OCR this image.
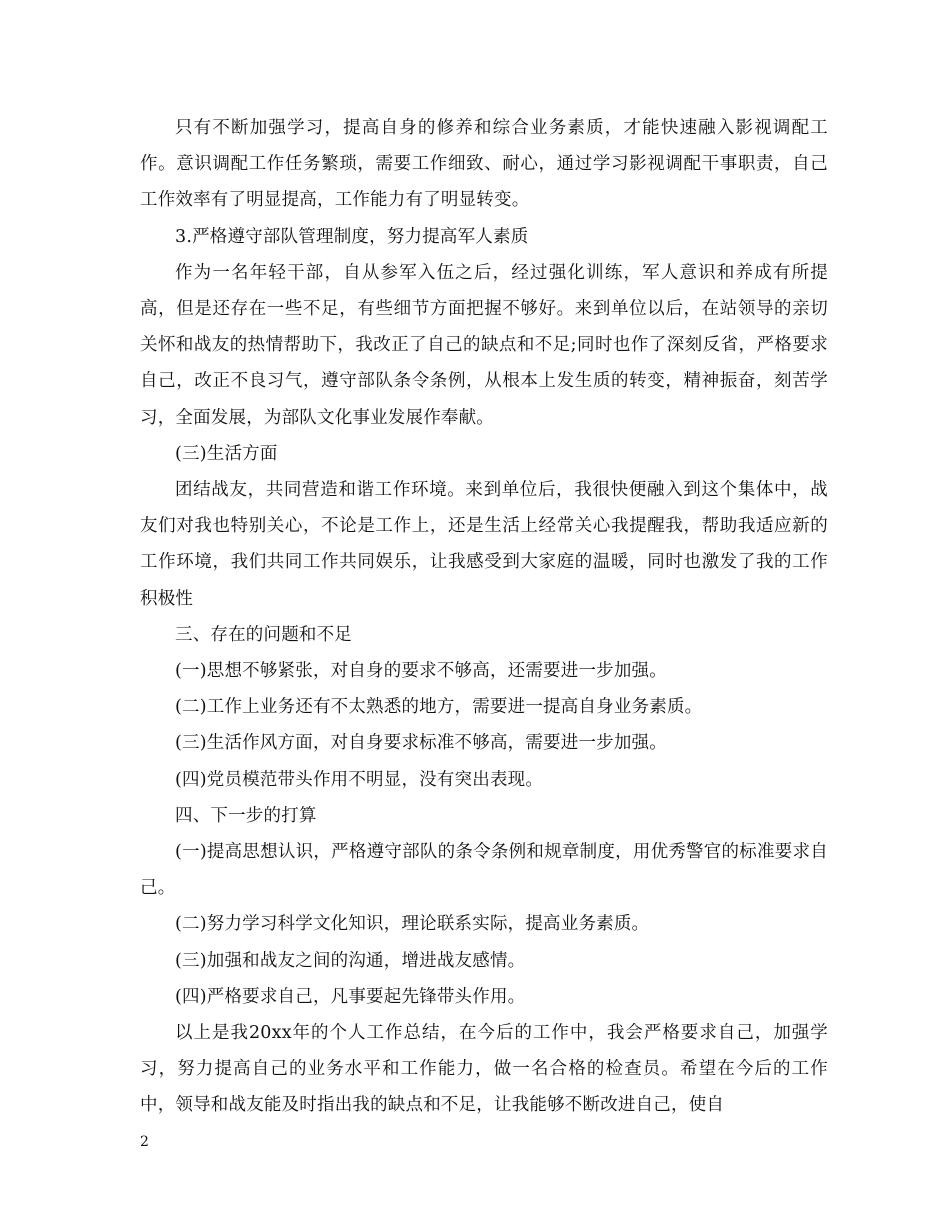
只有不断加强学习，提高自身的修养和综合业务素质，才能快速融入影视调配工作。意识调配工作任务繁琐，需要工作细致、耐心，通过学习影视调配干事职责，自己工作效率有了明显提高，工作能力有了明显转变。

3.严格遵守部队管理制度，努力提高军人素质

作为一名年轻干部，自从参军入伍之后，经过强化训练，军人意识和养成有所提高，但是还存在一些不足，有些细节方面把握不够好。来到单位以后，在站领导的亲切关怀和战友的热情帮助下，我改正了自己的缺点和不足;同时也作了深刻反省，严格要求自己，改正不良习气，遵守部队条令条例，从根本上发生质的转变，精神振奋，刻苦学习，全面发展，为部队文化事业发展作奉献。

(三)生活方面

团结战友，共同营造和谐工作环境。来到单位后，我很快便融入到这个集体中，战友们对我也特别关心，不论是工作上，还是生活上经常关心我提醒我，帮助我适应新的工作环境，我们共同工作共同娱乐，让我感受到大家庭的温暖，同时也激发了我的工作积极性

三、存在的问题和不足

(一)思想不够紧张，对自身的要求不够高，还需要进一步加强。

(二)工作上业务还有不太熟悉的地方，需要进一提高自身业务素质。

(三)生活作风方面，对自身要求标准不够高，需要进一步加强。

(四)党员模范带头作用不明显，没有突出表现。

四、下一步的打算

(一)提高思想认识，严格遵守部队的条令条例和规章制度，用优秀警官的标准要求自己。

(二)努力学习科学文化知识，理论联系实际，提高业务素质。

(三)加强和战友之间的沟通，增进战友感情。

(四)严格要求自己，凡事要起先锋带头作用。

以上是我20xx年的个人工作总结，在今后的工作中，我会严格要求自己，加强学习，努力提高自己的业务水平和工作能力，做一名合格的检查员。希望在今后的工作中，领导和战友能及时指出我的缺点和不足，让我能够不断改进自己，使自

2
